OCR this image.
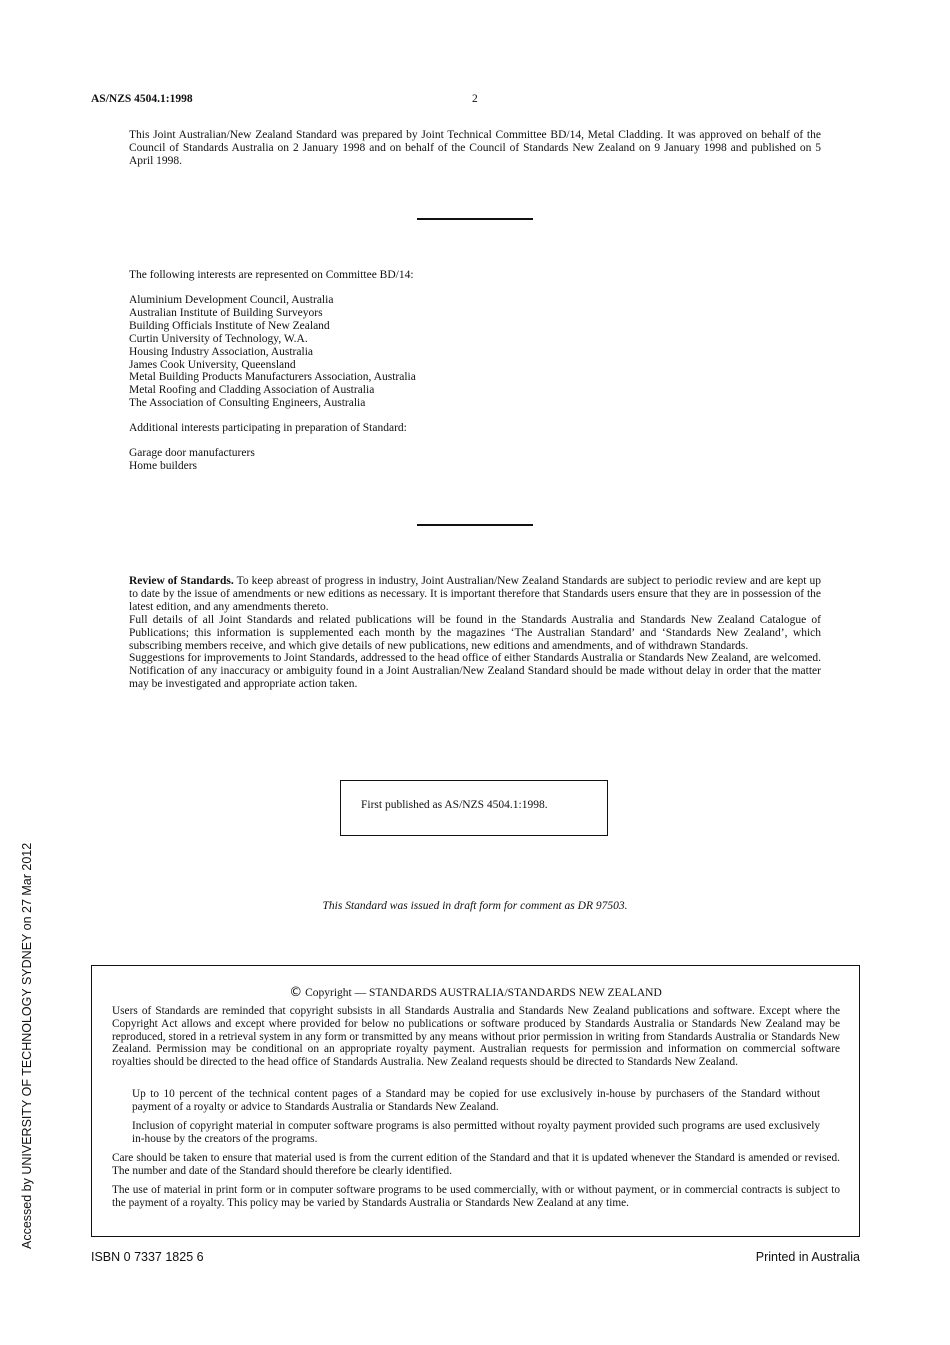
AS/NZS 4504.1:1998	2
This Joint Australian/New Zealand Standard was prepared by Joint Technical Committee BD/14, Metal Cladding. It was approved on behalf of the Council of Standards Australia on 2 January 1998 and on behalf of the Council of Standards New Zealand on 9 January 1998 and published on 5 April 1998.
The following interests are represented on Committee BD/14:
Aluminium Development Council, Australia
Australian Institute of Building Surveyors
Building Officials Institute of New Zealand
Curtin University of Technology, W.A.
Housing Industry Association, Australia
James Cook University, Queensland
Metal Building Products Manufacturers Association, Australia
Metal Roofing and Cladding Association of Australia
The Association of Consulting Engineers, Australia
Additional interests participating in preparation of Standard:
Garage door manufacturers
Home builders

Review of Standards. To keep abreast of progress in industry, Joint Australian/New Zealand Standards are subject to periodic review and are kept up to date by the issue of amendments or new editions as necessary. It is important therefore that Standards users ensure that they are in possession of the latest edition, and any amendments thereto.

Full details of all Joint Standards and related publications will be found in the Standards Australia and Standards New Zealand Catalogue of Publications; this information is supplemented each month by the magazines ‘The Australian Standard’ and ‘Standards New Zealand’, which subscribing members receive, and which give details of new publications, new editions and amendments, and of withdrawn Standards.

Suggestions for improvements to Joint Standards, addressed to the head office of either Standards Australia or Standards New Zealand, are welcomed. Notification of any inaccuracy or ambiguity found in a Joint Australian/New Zealand Standard should be made without delay in order that the matter may be investigated and appropriate action taken.

First published as AS/NZS 4504.1:1998.
This Standard was issued in draft form for comment as DR 97503.
© Copyright — STANDARDS AUSTRALIA/STANDARDS NEW ZEALAND

Users of Standards are reminded that copyright subsists in all Standards Australia and Standards New Zealand publications and software. Except where the Copyright Act allows and except where provided for below no publications or software produced by Standards Australia or Standards New Zealand may be reproduced, stored in a retrieval system in any form or transmitted by any means without prior permission in writing from Standards Australia or Standards New Zealand. Permission may be conditional on an appropriate royalty payment. Australian requests for permission and information on commercial software royalties should be directed to the head office of Standards Australia. New Zealand requests should be directed to Standards New Zealand.

Up to 10 percent of the technical content pages of a Standard may be copied for use exclusively in-house by purchasers of the Standard without payment of a royalty or advice to Standards Australia or Standards New Zealand.

Inclusion of copyright material in computer software programs is also permitted without royalty payment provided such programs are used exclusively in-house by the creators of the programs.

Care should be taken to ensure that material used is from the current edition of the Standard and that it is updated whenever the Standard is amended or revised. The number and date of the Standard should therefore be clearly identified.

The use of material in print form or in computer software programs to be used commercially, with or without payment, or in commercial contracts is subject to the payment of a royalty. This policy may be varied by Standards Australia or Standards New Zealand at any time.

ISBN 0 7337 1825 6	Printed in Australia
Accessed by UNIVERSITY OF TECHNOLOGY SYDNEY on 27 Mar 2012
